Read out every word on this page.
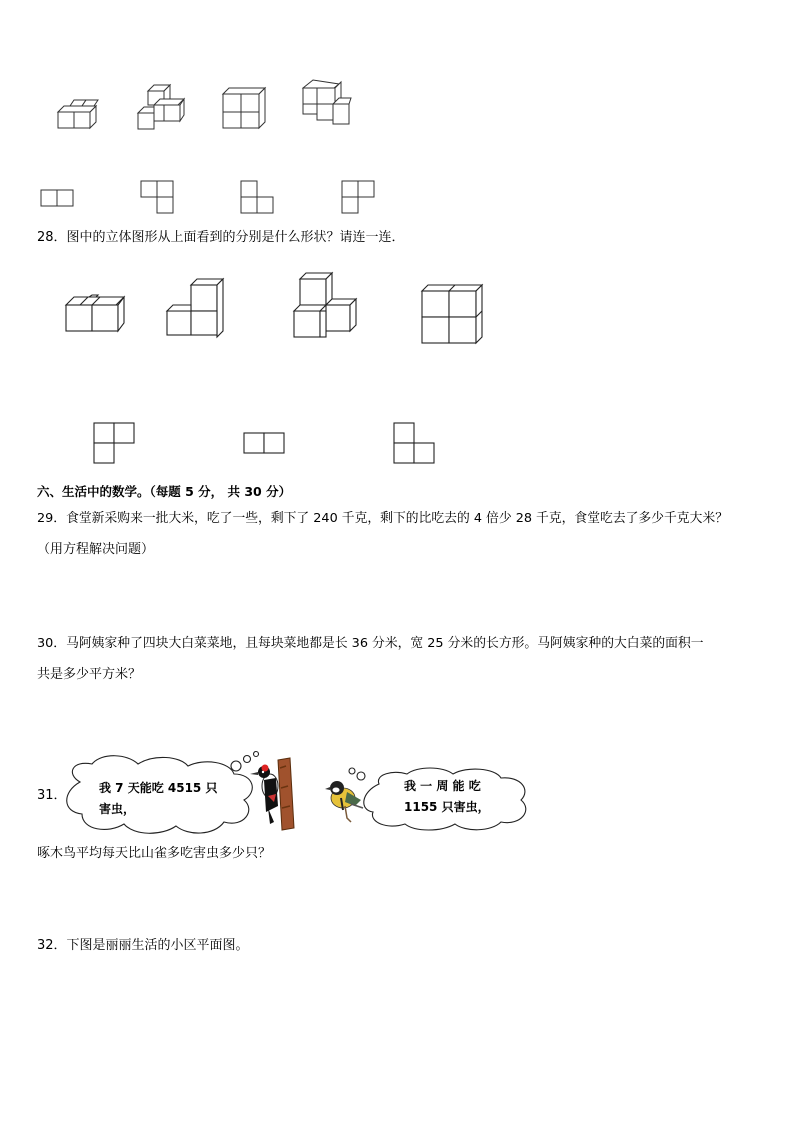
28．图中的立体图形从上面看到的分别是什么形状？请连一连．
六、生活中的数学。（每题 5 分， 共 30 分）
29．食堂新采购来一批大米，吃了一些，剩下了 240 千克，剩下的比吃去的 4 倍少 28 千克，食堂吃去了多少千克大米？
（用方程解决问题）
30．马阿姨家种了四块大白菜菜地，且每块菜地都是长 36 分米，宽 25 分米的长方形。马阿姨家种的大白菜的面积一
共是多少平方米？
31．	我 7 天能吃 4515 只
害虫，
我 一 周 能 吃
1155 只害虫，
啄木鸟平均每天比山雀多吃害虫多少只？
32．下图是丽丽生活的小区平面图。
